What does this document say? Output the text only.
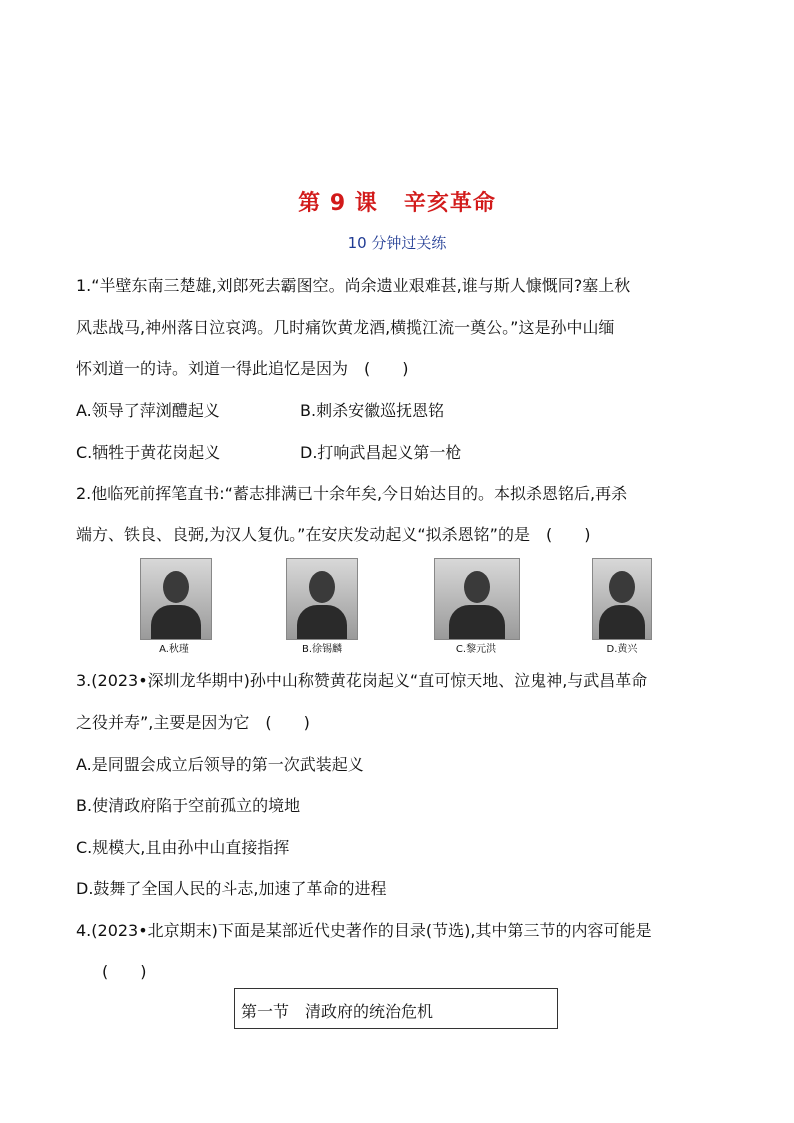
第 9 课 辛亥革命
10 分钟过关练
1.“半壁东南三楚雄,刘郎死去霸图空。尚余遗业艰难甚,谁与斯人慷慨同?塞上秋
风悲战马,神州落日泣哀鸿。几时痛饮黄龙酒,横揽江流一奠公。”这是孙中山缅
怀刘道一的诗。刘道一得此追忆是因为　(　　)
A.领导了萍浏醴起义	B.刺杀安徽巡抚恩铭
C.牺牲于黄花岗起义	D.打响武昌起义第一枪
2.他临死前挥笔直书:“蓄志排满已十余年矣,今日始达目的。本拟杀恩铭后,再杀
端方、铁良、良弼,为汉人复仇。”在安庆发动起义“拟杀恩铭”的是　(　　)
A.秋瑾	B.徐锡麟	C.黎元洪	D.黄兴
3.(2023•深圳龙华期中)孙中山称赞黄花岗起义“直可惊天地、泣鬼神,与武昌革命
之役并寿”,主要是因为它　(　　)
A.是同盟会成立后领导的第一次武装起义
B.使清政府陷于空前孤立的境地
C.规模大,且由孙中山直接指挥
D.鼓舞了全国人民的斗志,加速了革命的进程
4.(2023•北京期末)下面是某部近代史著作的目录(节选),其中第三节的内容可能是
　(　　)
第一节　清政府的统治危机
